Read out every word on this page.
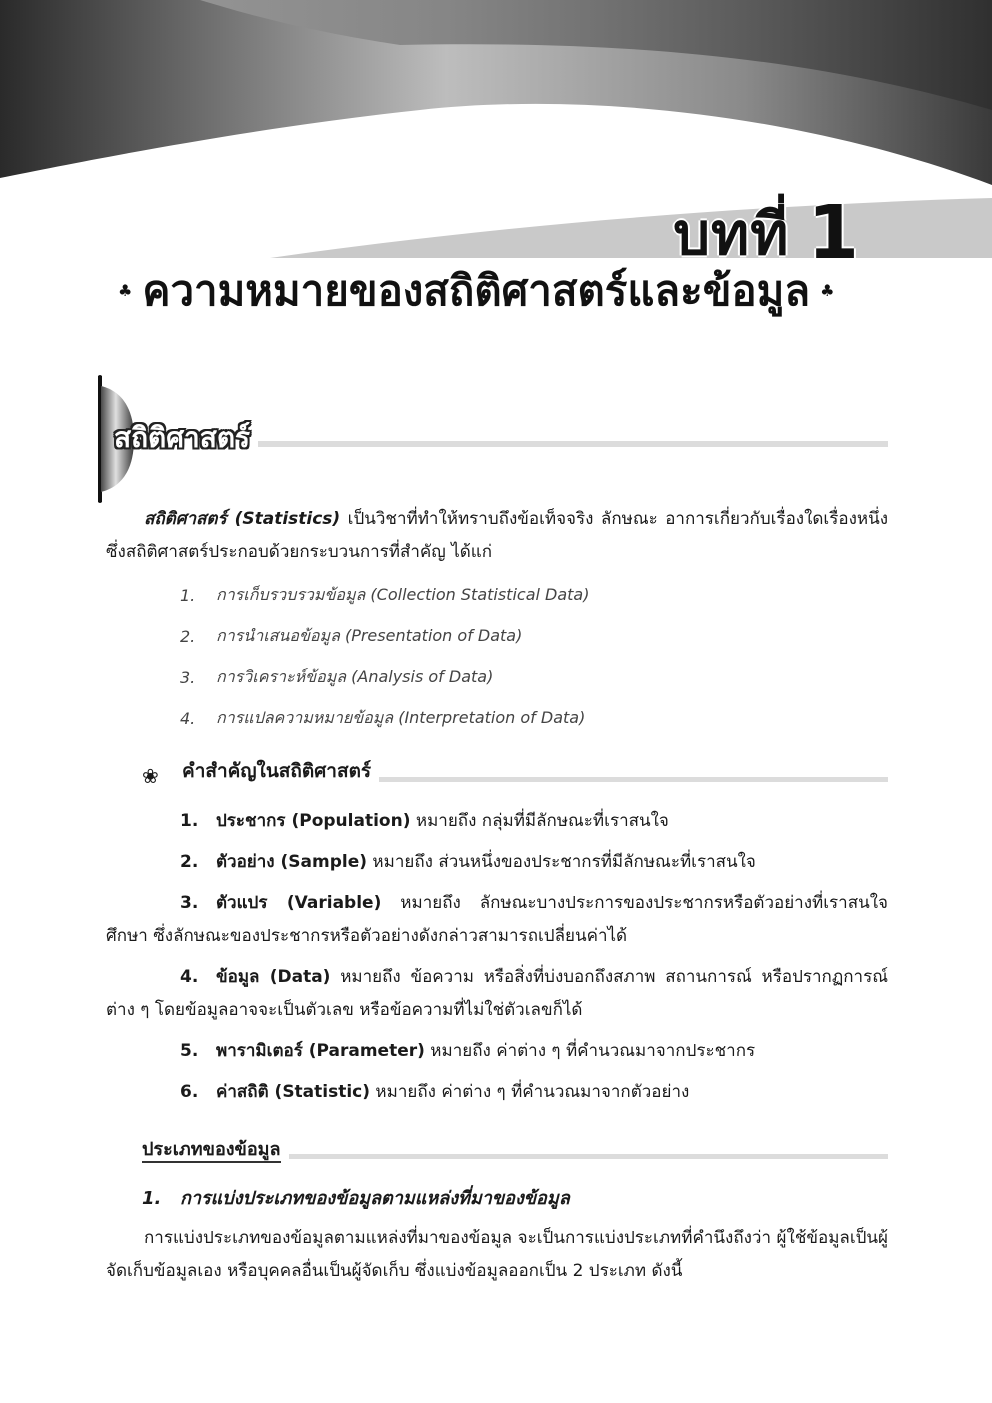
บทที่ 1
♣ ความหมายของสถิติศาสตร์และข้อมูล ♣
สถิติศาสตร์
สถิติศาสตร์ (Statistics) เป็นวิชาที่ทำให้ทราบถึงข้อเท็จจริง ลักษณะ อาการเกี่ยวกับเรื่องใดเรื่องหนึ่ง ซึ่งสถิติศาสตร์ประกอบด้วยกระบวนการที่สำคัญ ได้แก่
1.	การเก็บรวบรวมข้อมูล (Collection Statistical Data)
2.	การนำเสนอข้อมูล (Presentation of Data)
3.	การวิเคราะห์ข้อมูล (Analysis of Data)
4.	การแปลความหมายข้อมูล (Interpretation of Data)
❀	คำสำคัญในสถิติศาสตร์
1. ประชากร (Population) หมายถึง กลุ่มที่มีลักษณะที่เราสนใจ
2. ตัวอย่าง (Sample) หมายถึง ส่วนหนึ่งของประชากรที่มีลักษณะที่เราสนใจ
3. ตัวแปร (Variable) หมายถึง ลักษณะบางประการของประชากรหรือตัวอย่างที่เราสนใจศึกษา ซึ่งลักษณะของประชากรหรือตัวอย่างดังกล่าวสามารถเปลี่ยนค่าได้
4. ข้อมูล (Data) หมายถึง ข้อความ หรือสิ่งที่บ่งบอกถึงสภาพ สถานการณ์ หรือปรากฏการณ์ต่าง ๆ โดยข้อมูลอาจจะเป็นตัวเลข หรือข้อความที่ไม่ใช่ตัวเลขก็ได้
5. พารามิเตอร์ (Parameter) หมายถึง ค่าต่าง ๆ ที่คำนวณมาจากประชากร
6. ค่าสถิติ (Statistic) หมายถึง ค่าต่าง ๆ ที่คำนวณมาจากตัวอย่าง
ประเภทของข้อมูล
1. การแบ่งประเภทของข้อมูลตามแหล่งที่มาของข้อมูล
การแบ่งประเภทของข้อมูลตามแหล่งที่มาของข้อมูล จะเป็นการแบ่งประเภทที่คำนึงถึงว่า ผู้ใช้ข้อมูลเป็นผู้จัดเก็บข้อมูลเอง หรือบุคคลอื่นเป็นผู้จัดเก็บ ซึ่งแบ่งข้อมูลออกเป็น 2 ประเภท ดังนี้
